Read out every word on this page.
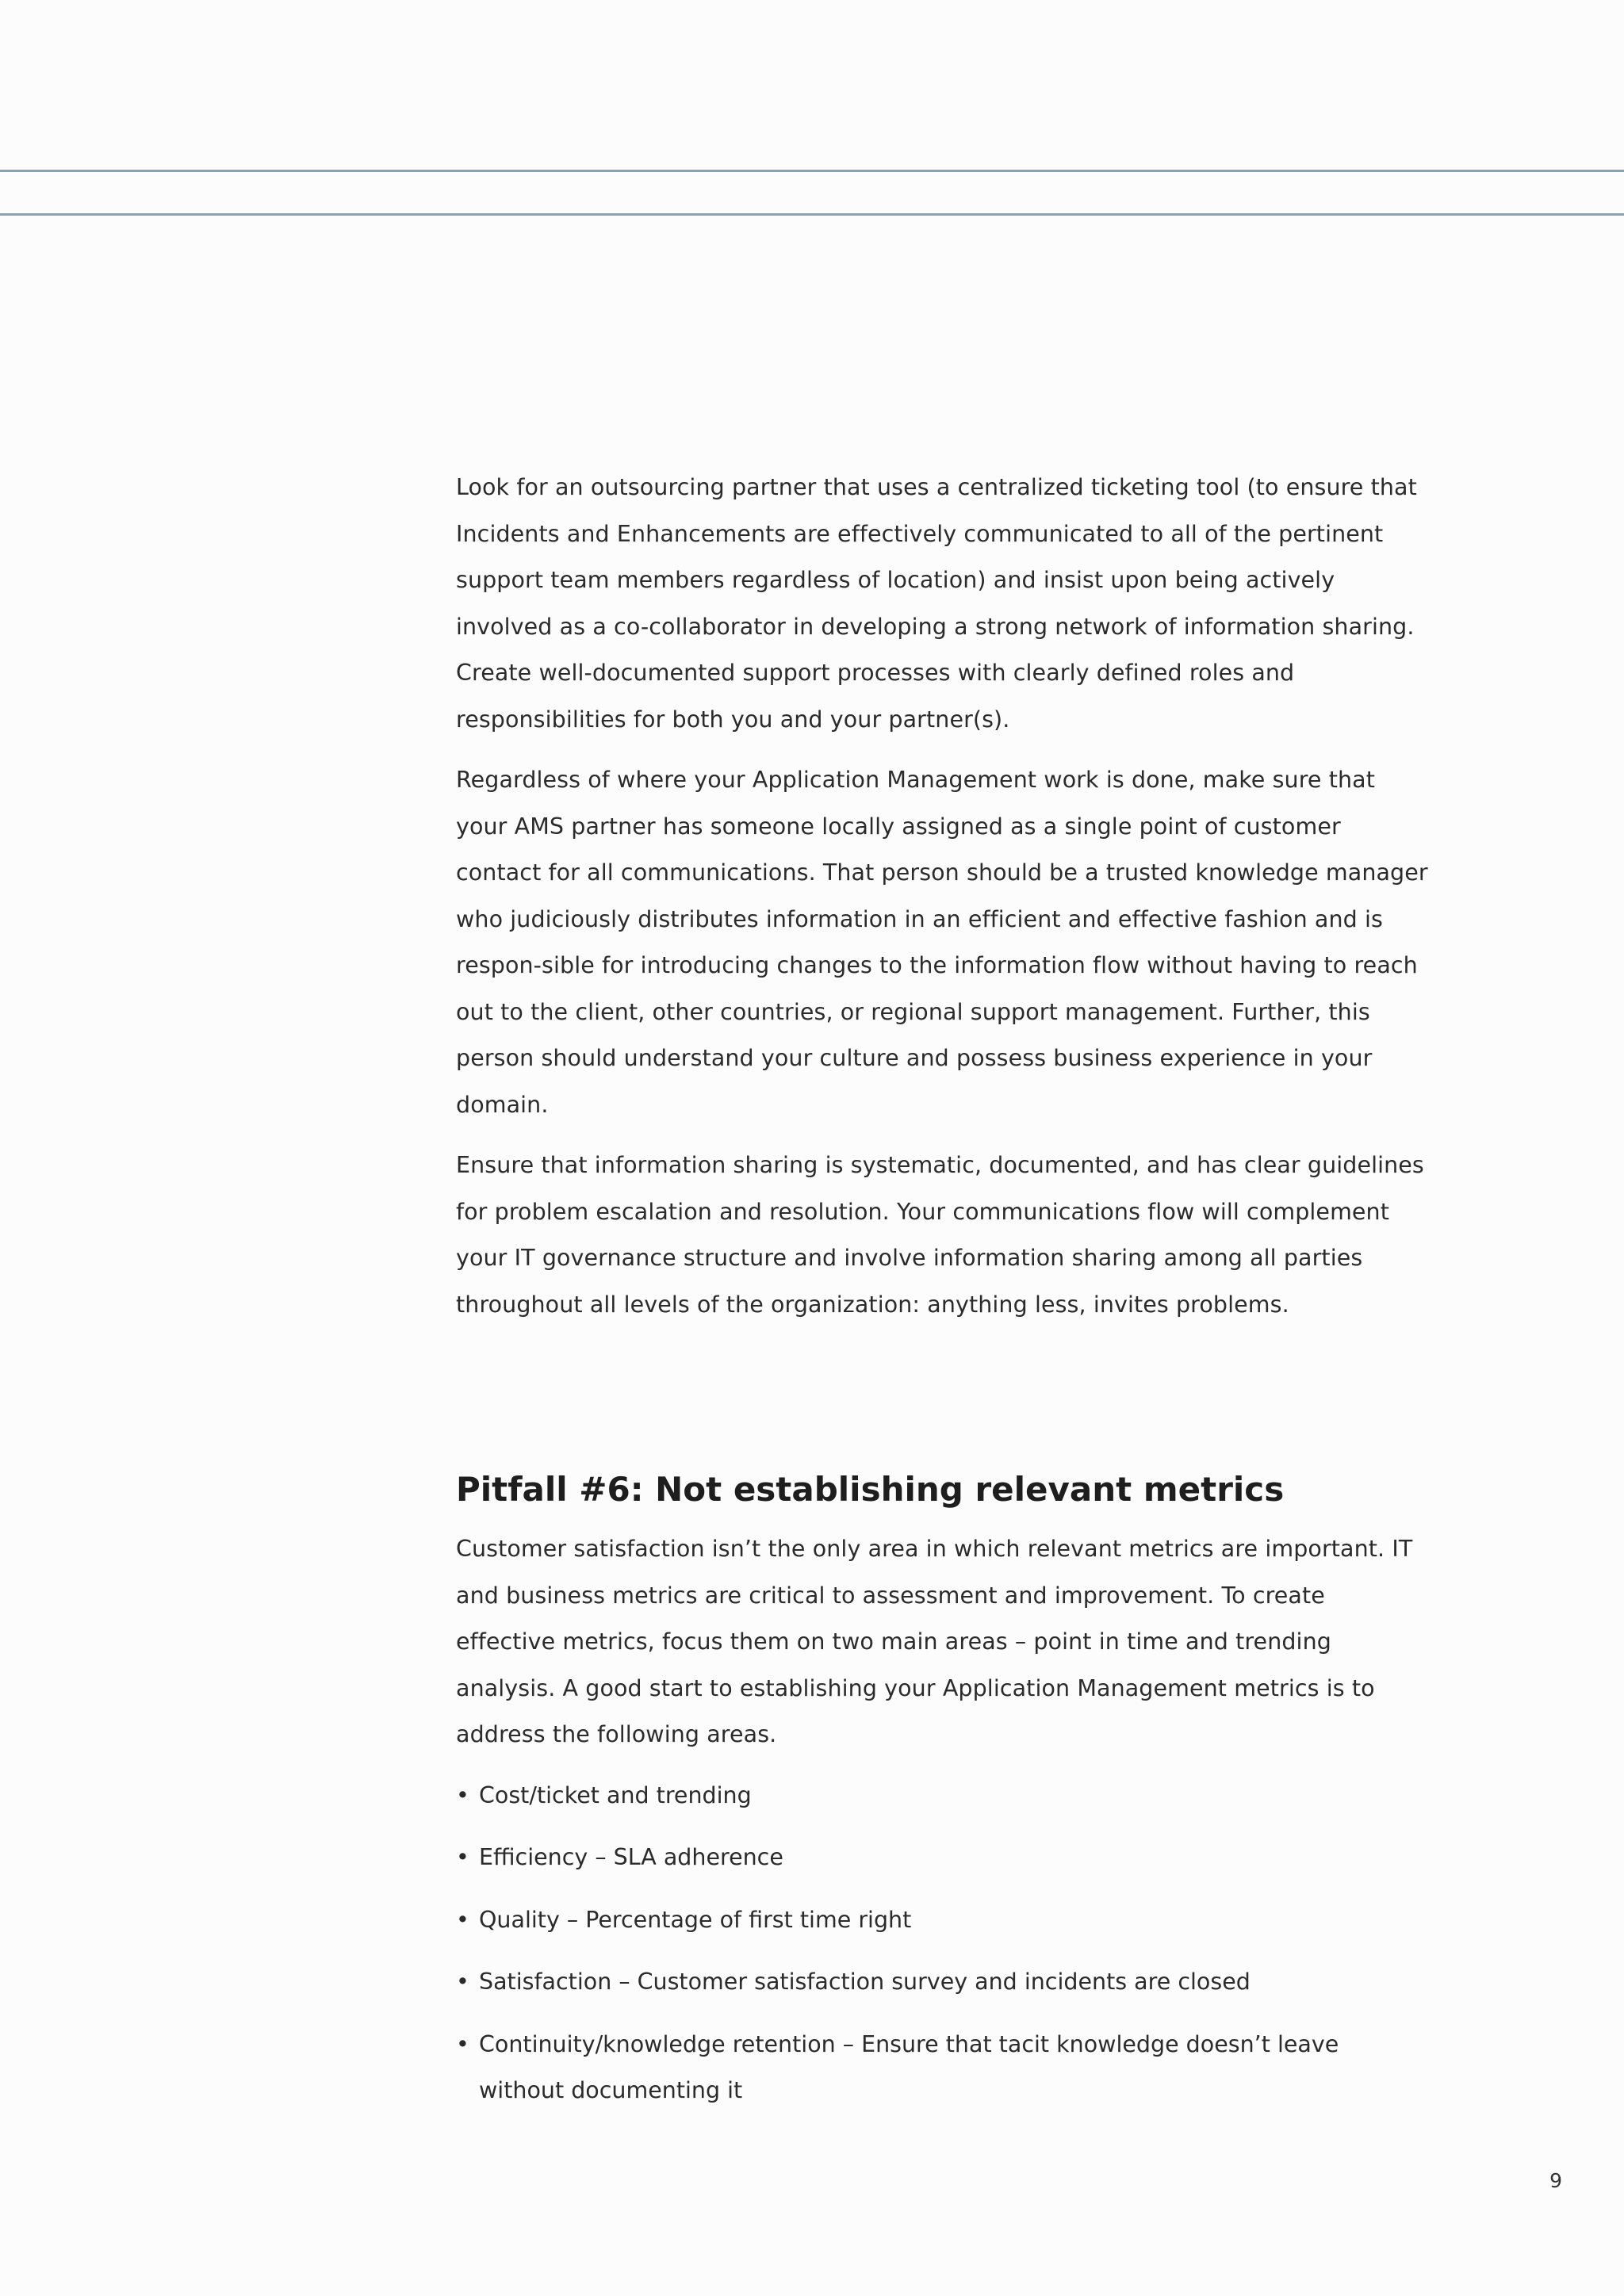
Look for an outsourcing partner that uses a centralized ticketing tool (to ensure that Incidents and Enhancements are effectively communicated to all of the pertinent support team members regardless of location) and insist upon being actively involved as a co-collaborator in developing a strong network of information sharing. Create well-documented support processes with clearly defined roles and responsibilities for both you and your partner(s).

Regardless of where your Application Management work is done, make sure that your AMS partner has someone locally assigned as a single point of customer contact for all communications. That person should be a trusted knowledge manager who judiciously distributes information in an efficient and effective fashion and is respon-sible for introducing changes to the information flow without having to reach out to the client, other countries, or regional support management. Further, this person should understand your culture and possess business experience in your domain.

Ensure that information sharing is systematic, documented, and has clear guidelines for problem escalation and resolution. Your communications flow will complement your IT governance structure and involve information sharing among all parties throughout all levels of the organization: anything less, invites problems.

Pitfall #6: Not establishing relevant metrics

Customer satisfaction isn’t the only area in which relevant metrics are important. IT and business metrics are critical to assessment and improvement. To create effective metrics, focus them on two main areas – point in time and trending analysis. A good start to establishing your Application Management metrics is to address the following areas.

• Cost/ticket and trending
• Efficiency – SLA adherence
• Quality – Percentage of first time right
• Satisfaction – Customer satisfaction survey and incidents are closed
• Continuity/knowledge retention – Ensure that tacit knowledge doesn’t leave without documenting it
9
